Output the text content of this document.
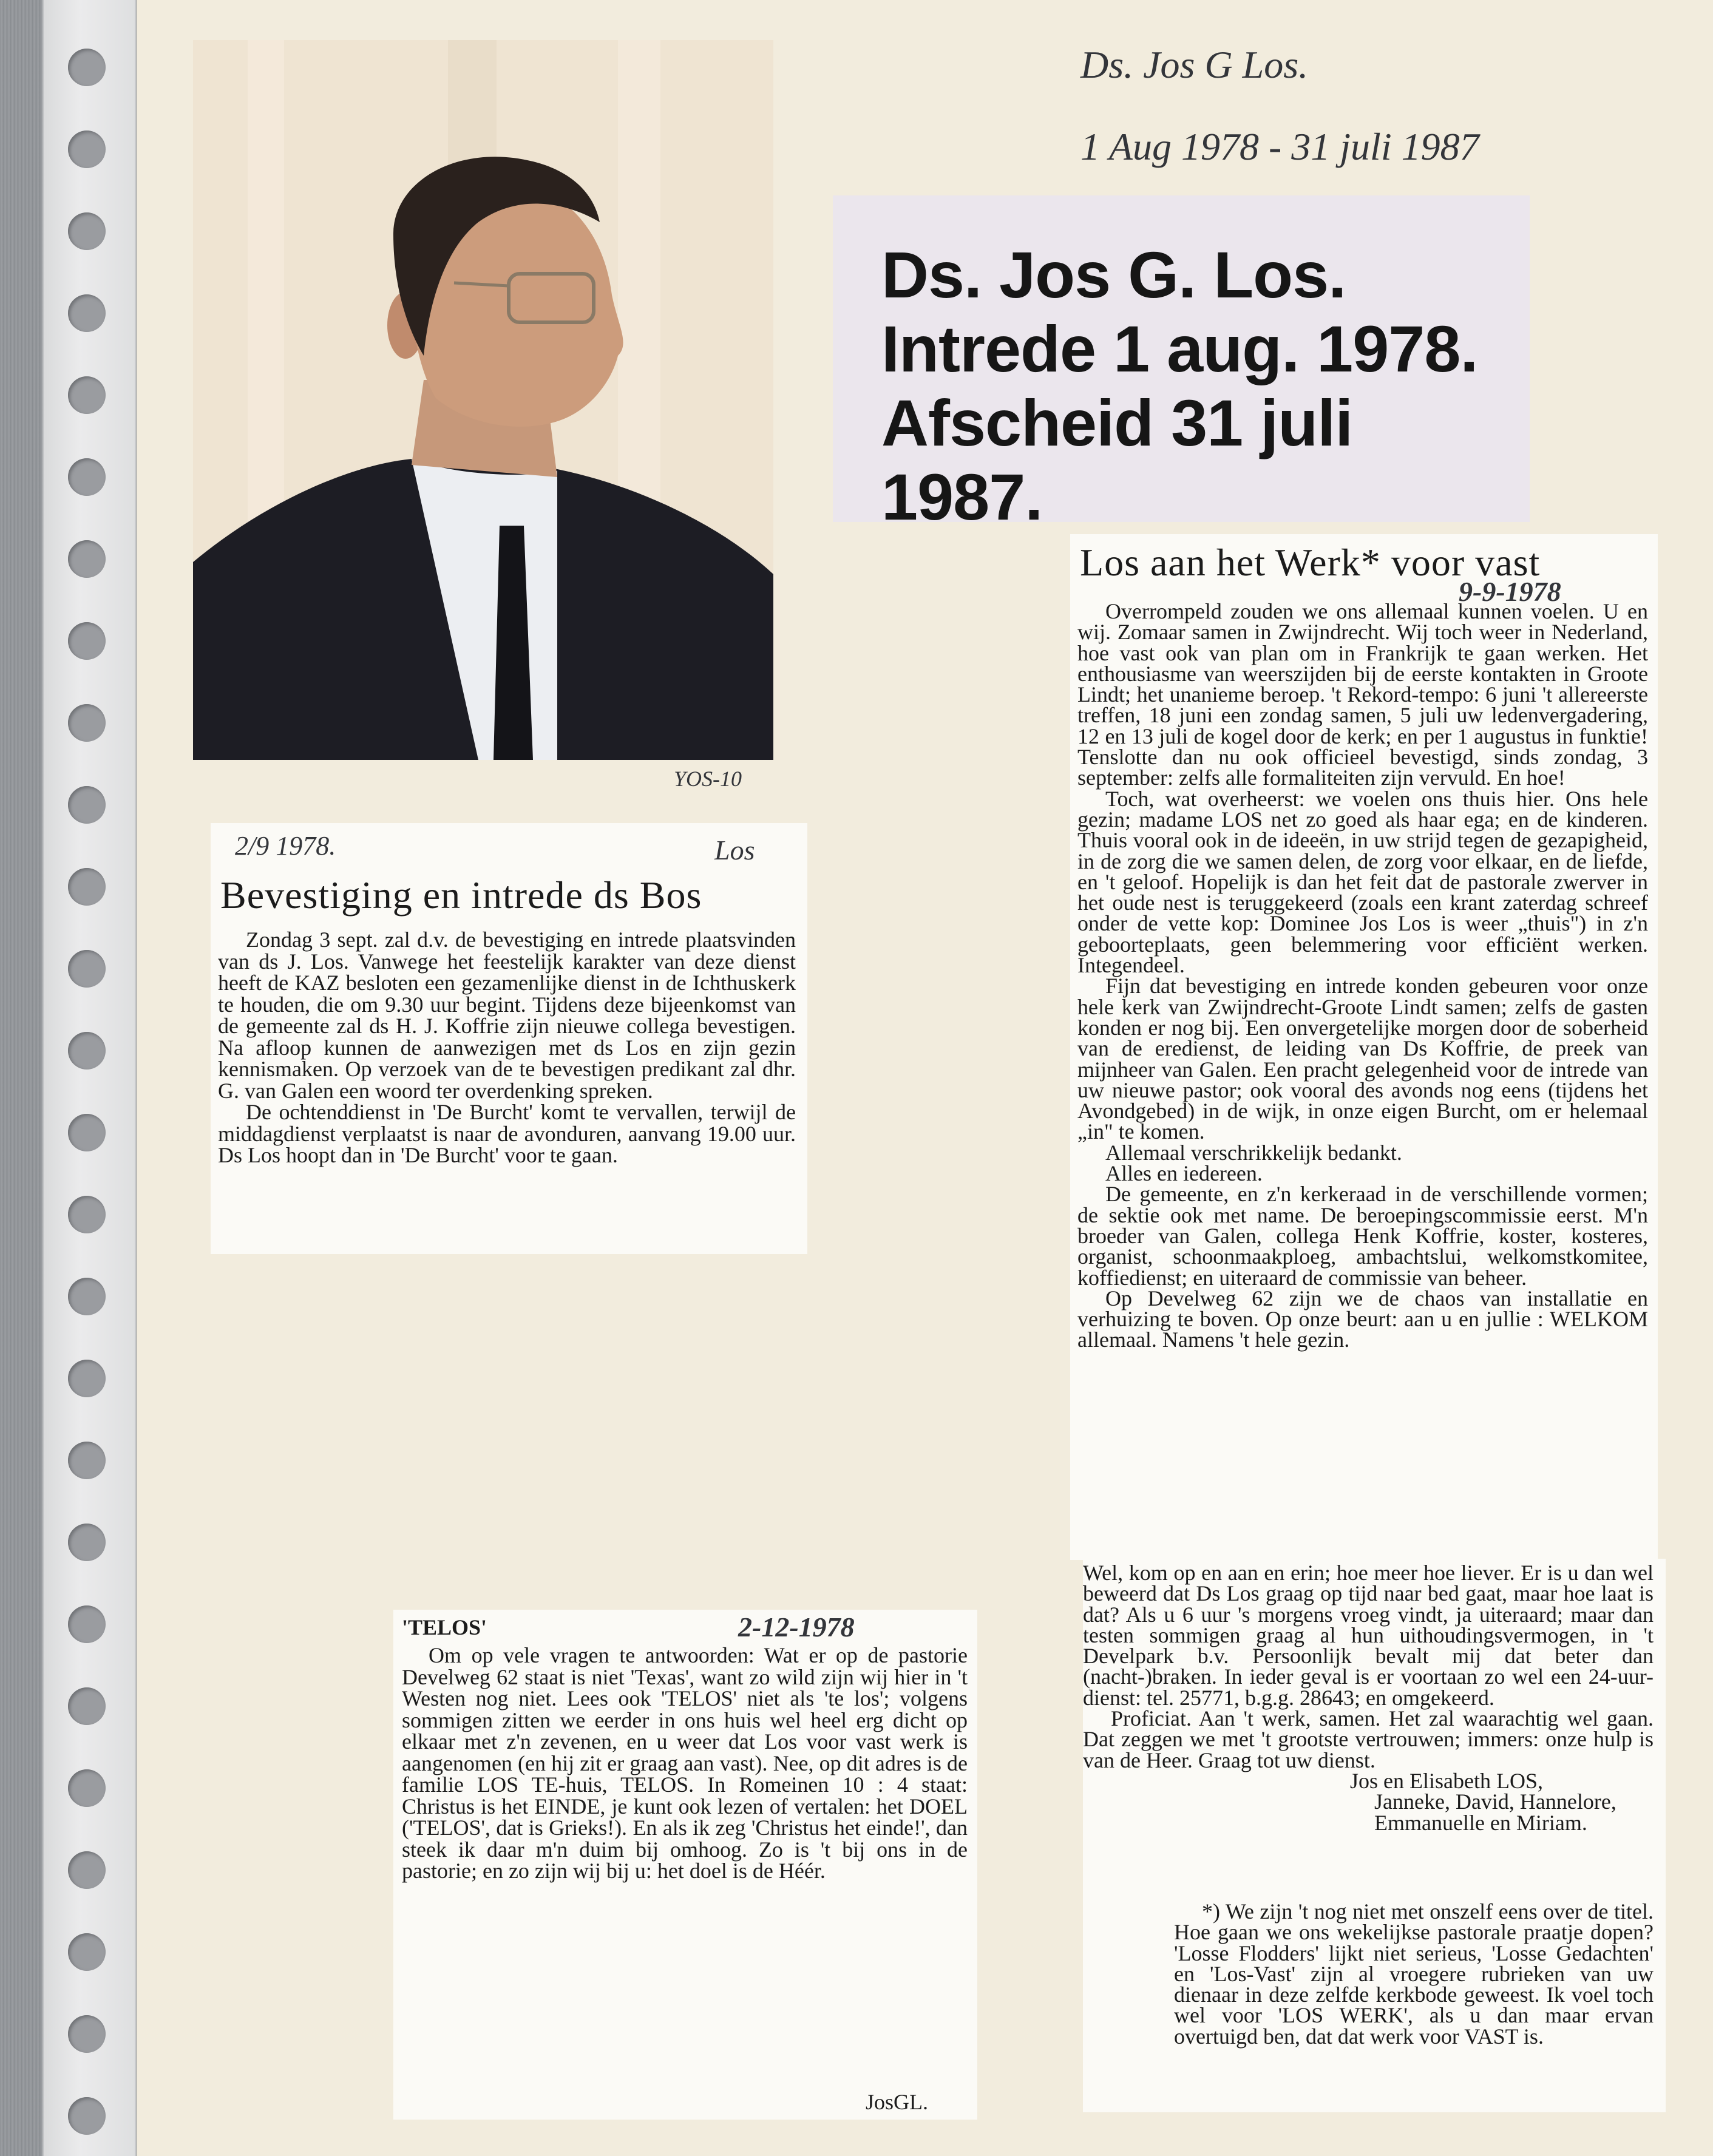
Ds. Jos G Los.
1 Aug 1978 - 31 juli 1987
Ds. Jos G. Los.
Intrede 1 aug. 1978.
Afscheid 31 juli 1987.
YOS-10
2/9 1978.	Los
Bevestiging en intrede ds Bos

Zondag 3 sept. zal d.v. de bevestiging en intrede plaatsvinden van ds J. Los. Vanwege het feestelijk karakter van deze dienst heeft de KAZ besloten een gezamenlijke dienst in de Ichthuskerk te houden, die om 9.30 uur begint. Tijdens deze bijeenkomst van de gemeente zal ds H. J. Koffrie zijn nieuwe collega bevestigen. Na afloop kunnen de aanwezigen met ds Los en zijn gezin kennismaken. Op verzoek van de te bevestigen predikant zal dhr. G. van Galen een woord ter overdenking spreken.

De ochtenddienst in 'De Burcht' komt te vervallen, terwijl de middagdienst verplaatst is naar de avonduren, aanvang 19.00 uur. Ds Los hoopt dan in 'De Burcht' voor te gaan.

'TELOS'	2-12-1978
Om op vele vragen te antwoorden: Wat er op de pastorie Develweg 62 staat is niet 'Texas', want zo wild zijn wij hier in 't Westen nog niet. Lees ook 'TELOS' niet als 'te los'; volgens sommigen zitten we eerder in ons huis wel heel erg dicht op elkaar met z'n zevenen, en u weer dat Los voor vast werk is aangenomen (en hij zit er graag aan vast). Nee, op dit adres is de familie LOS TE-huis, TELOS. In Romeinen 10 : 4 staat: Christus is het EINDE, je kunt ook lezen of vertalen: het DOEL ('TELOS', dat is Grieks!). En als ik zeg 'Christus het einde!', dan steek ik daar m'n duim bij omhoog. Zo is 't bij ons in de pastorie; en zo zijn wij bij u: het doel is de Héér.
JosGL.
Los aan het Werk* voor vast
9-9-1978

Overrompeld zouden we ons allemaal kunnen voelen. U en wij. Zomaar samen in Zwijndrecht. Wij toch weer in Nederland, hoe vast ook van plan om in Frankrijk te gaan werken. Het enthousiasme van weerszijden bij de eerste kontakten in Groote Lindt; het unanieme beroep. 't Rekord-tempo: 6 juni 't allereerste treffen, 18 juni een zondag samen, 5 juli uw ledenvergadering, 12 en 13 juli de kogel door de kerk; en per 1 augustus in funktie! Tenslotte dan nu ook officieel bevestigd, sinds zondag, 3 september: zelfs alle formaliteiten zijn vervuld. En hoe!

Toch, wat overheerst: we voelen ons thuis hier. Ons hele gezin; madame LOS net zo goed als haar ega; en de kinderen. Thuis vooral ook in de ideeën, in uw strijd tegen de gezapigheid, in de zorg die we samen delen, de zorg voor elkaar, en de liefde, en 't geloof. Hopelijk is dan het feit dat de pastorale zwerver in het oude nest is teruggekeerd (zoals een krant zaterdag schreef onder de vette kop: Dominee Jos Los is weer „thuis") in z'n geboorteplaats, geen belemmering voor efficiënt werken. Integendeel.

Fijn dat bevestiging en intrede konden gebeuren voor onze hele kerk van Zwijndrecht-Groote Lindt samen; zelfs de gasten konden er nog bij. Een onvergetelijke morgen door de soberheid van de eredienst, de leiding van Ds Koffrie, de preek van mijnheer van Galen. Een pracht gelegenheid voor de intrede van uw nieuwe pastor; ook vooral des avonds nog eens (tijdens het Avondgebed) in de wijk, in onze eigen Burcht, om er helemaal „in" te komen.

Allemaal verschrikkelijk bedankt.

Alles en iedereen.

De gemeente, en z'n kerkeraad in de verschillende vormen; de sektie ook met name. De beroepingscommissie eerst. M'n broeder van Galen, collega Henk Koffrie, koster, kosteres, organist, schoonmaakploeg, ambachtslui, welkomstkomitee, koffiedienst; en uiteraard de commissie van beheer.

Op Develweg 62 zijn we de chaos van installatie en verhuizing te boven. Op onze beurt: aan u en jullie : WELKOM allemaal. Namens 't hele gezin.

Wel, kom op en aan en erin; hoe meer hoe liever. Er is u dan wel beweerd dat Ds Los graag op tijd naar bed gaat, maar hoe laat is dat? Als u 6 uur 's morgens vroeg vindt, ja uiteraard; maar dan testen sommigen graag al hun uithoudingsvermogen, in 't Develpark b.v. Persoonlijk bevalt mij dat beter dan (nacht-)braken. In ieder geval is er voortaan zo wel een 24-uur-dienst: tel. 25771, b.g.g. 28643; en omgekeerd.

Proficiat. Aan 't werk, samen. Het zal waarachtig wel gaan. Dat zeggen we met 't grootste vertrouwen; immers: onze hulp is van de Heer. Graag tot uw dienst.

Jos en Elisabeth LOS,
Janneke, David, Hannelore,
Emmanuelle en Miriam.
*) We zijn 't nog niet met onszelf eens over de titel. Hoe gaan we ons wekelijkse pastorale praatje dopen? 'Losse Flodders' lijkt niet serieus, 'Losse Gedachten' en 'Los-Vast' zijn al vroegere rubrieken van uw dienaar in deze zelfde kerkbode geweest. Ik voel toch wel voor 'LOS WERK', als u dan maar ervan overtuigd ben, dat dat werk voor VAST is.
